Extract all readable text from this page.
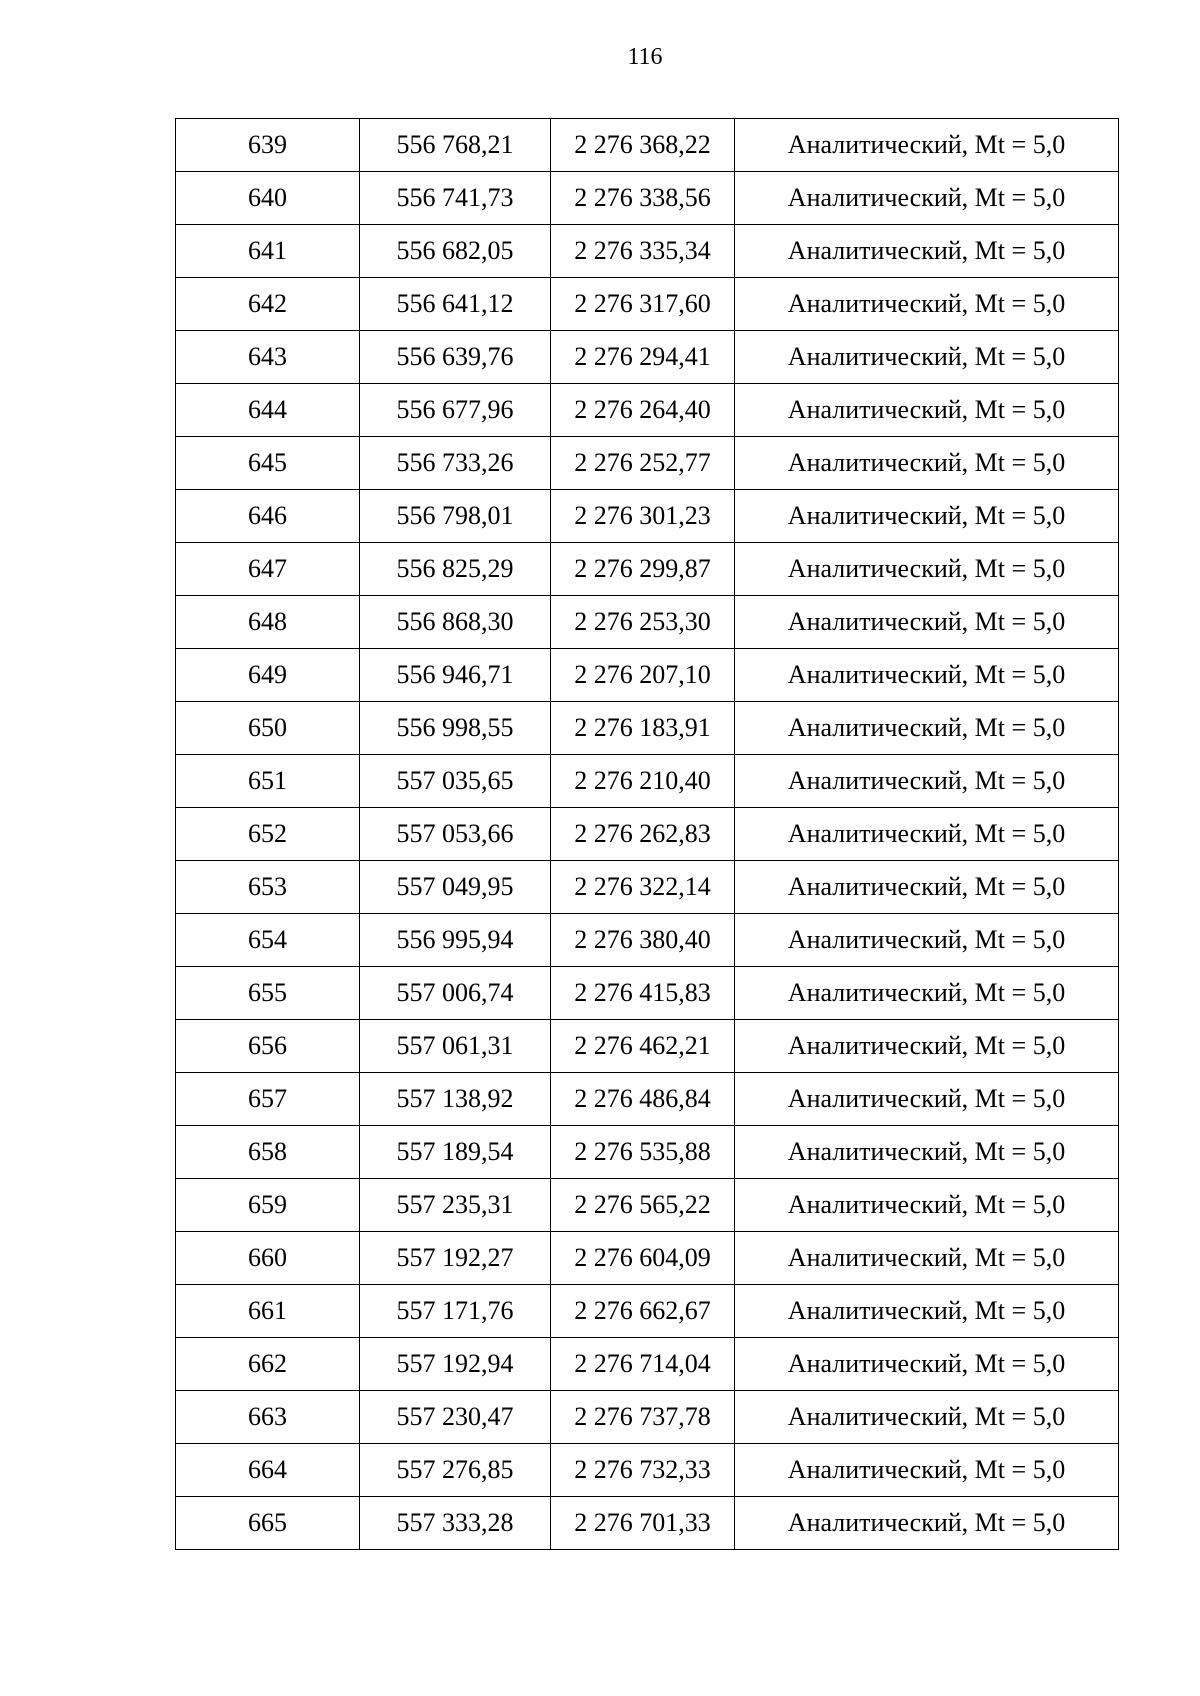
116
639	556 768,21	2 276 368,22	Аналитический, Mt = 5,0
640	556 741,73	2 276 338,56	Аналитический, Mt = 5,0
641	556 682,05	2 276 335,34	Аналитический, Mt = 5,0
642	556 641,12	2 276 317,60	Аналитический, Mt = 5,0
643	556 639,76	2 276 294,41	Аналитический, Mt = 5,0
644	556 677,96	2 276 264,40	Аналитический, Mt = 5,0
645	556 733,26	2 276 252,77	Аналитический, Mt = 5,0
646	556 798,01	2 276 301,23	Аналитический, Mt = 5,0
647	556 825,29	2 276 299,87	Аналитический, Mt = 5,0
648	556 868,30	2 276 253,30	Аналитический, Mt = 5,0
649	556 946,71	2 276 207,10	Аналитический, Mt = 5,0
650	556 998,55	2 276 183,91	Аналитический, Mt = 5,0
651	557 035,65	2 276 210,40	Аналитический, Mt = 5,0
652	557 053,66	2 276 262,83	Аналитический, Mt = 5,0
653	557 049,95	2 276 322,14	Аналитический, Mt = 5,0
654	556 995,94	2 276 380,40	Аналитический, Mt = 5,0
655	557 006,74	2 276 415,83	Аналитический, Mt = 5,0
656	557 061,31	2 276 462,21	Аналитический, Mt = 5,0
657	557 138,92	2 276 486,84	Аналитический, Mt = 5,0
658	557 189,54	2 276 535,88	Аналитический, Mt = 5,0
659	557 235,31	2 276 565,22	Аналитический, Mt = 5,0
660	557 192,27	2 276 604,09	Аналитический, Mt = 5,0
661	557 171,76	2 276 662,67	Аналитический, Mt = 5,0
662	557 192,94	2 276 714,04	Аналитический, Mt = 5,0
663	557 230,47	2 276 737,78	Аналитический, Mt = 5,0
664	557 276,85	2 276 732,33	Аналитический, Mt = 5,0
665	557 333,28	2 276 701,33	Аналитический, Mt = 5,0
